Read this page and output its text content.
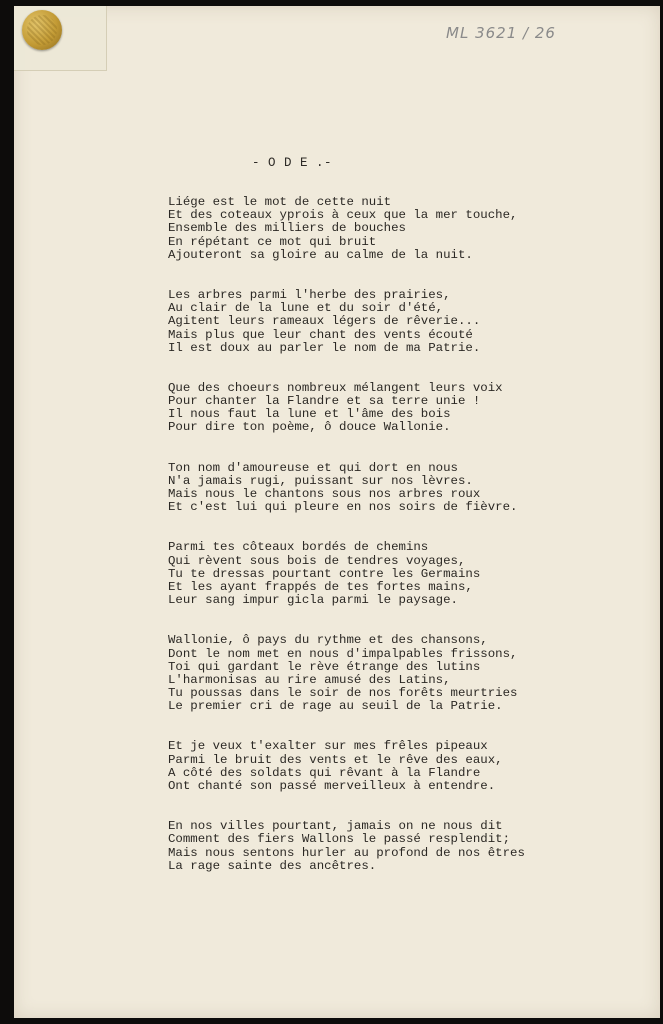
ML 3621 / 26
- O D E .-
Liége est le mot de cette nuit
Et des coteaux yprois à ceux que la mer touche,
Ensemble des milliers de bouches
En répétant ce mot qui bruit
Ajouteront sa gloire au calme de la nuit.
Les arbres parmi l'herbe des prairies,
Au clair de la lune et du soir d'été,
Agitent leurs rameaux légers de rêverie...
Mais plus que leur chant des vents écouté
Il est doux au parler le nom de ma Patrie.
Que des choeurs nombreux mélangent leurs voix
Pour chanter la Flandre et sa terre unie !
Il nous faut la lune et l'âme des bois
Pour dire ton poème, ô douce Wallonie.
Ton nom d'amoureuse et qui dort en nous
N'a jamais rugi, puissant sur nos lèvres.
Mais nous le chantons sous nos arbres roux
Et c'est lui qui pleure en nos soirs de fièvre.
Parmi tes côteaux bordés de chemins
Qui rèvent sous bois de tendres voyages,
Tu te dressas pourtant contre les Germains
Et les ayant frappés de tes fortes mains,
Leur sang impur gicla parmi le paysage.
Wallonie, ô pays du rythme et des chansons,
Dont le nom met en nous d'impalpables frissons,
Toi qui gardant le rève étrange des lutins
L'harmonisas au rire amusé des Latins,
Tu poussas dans le soir de nos forêts meurtries
Le premier cri de rage au seuil de la Patrie.
Et je veux t'exalter sur mes frêles pipeaux
Parmi le bruit des vents et le rêve des eaux,
A côté des soldats qui rêvant à la Flandre
Ont chanté son passé merveilleux à entendre.
En nos villes pourtant, jamais on ne nous dit
Comment des fiers Wallons le passé resplendit;
Mais nous sentons hurler au profond de nos êtres
La rage sainte des ancêtres.
